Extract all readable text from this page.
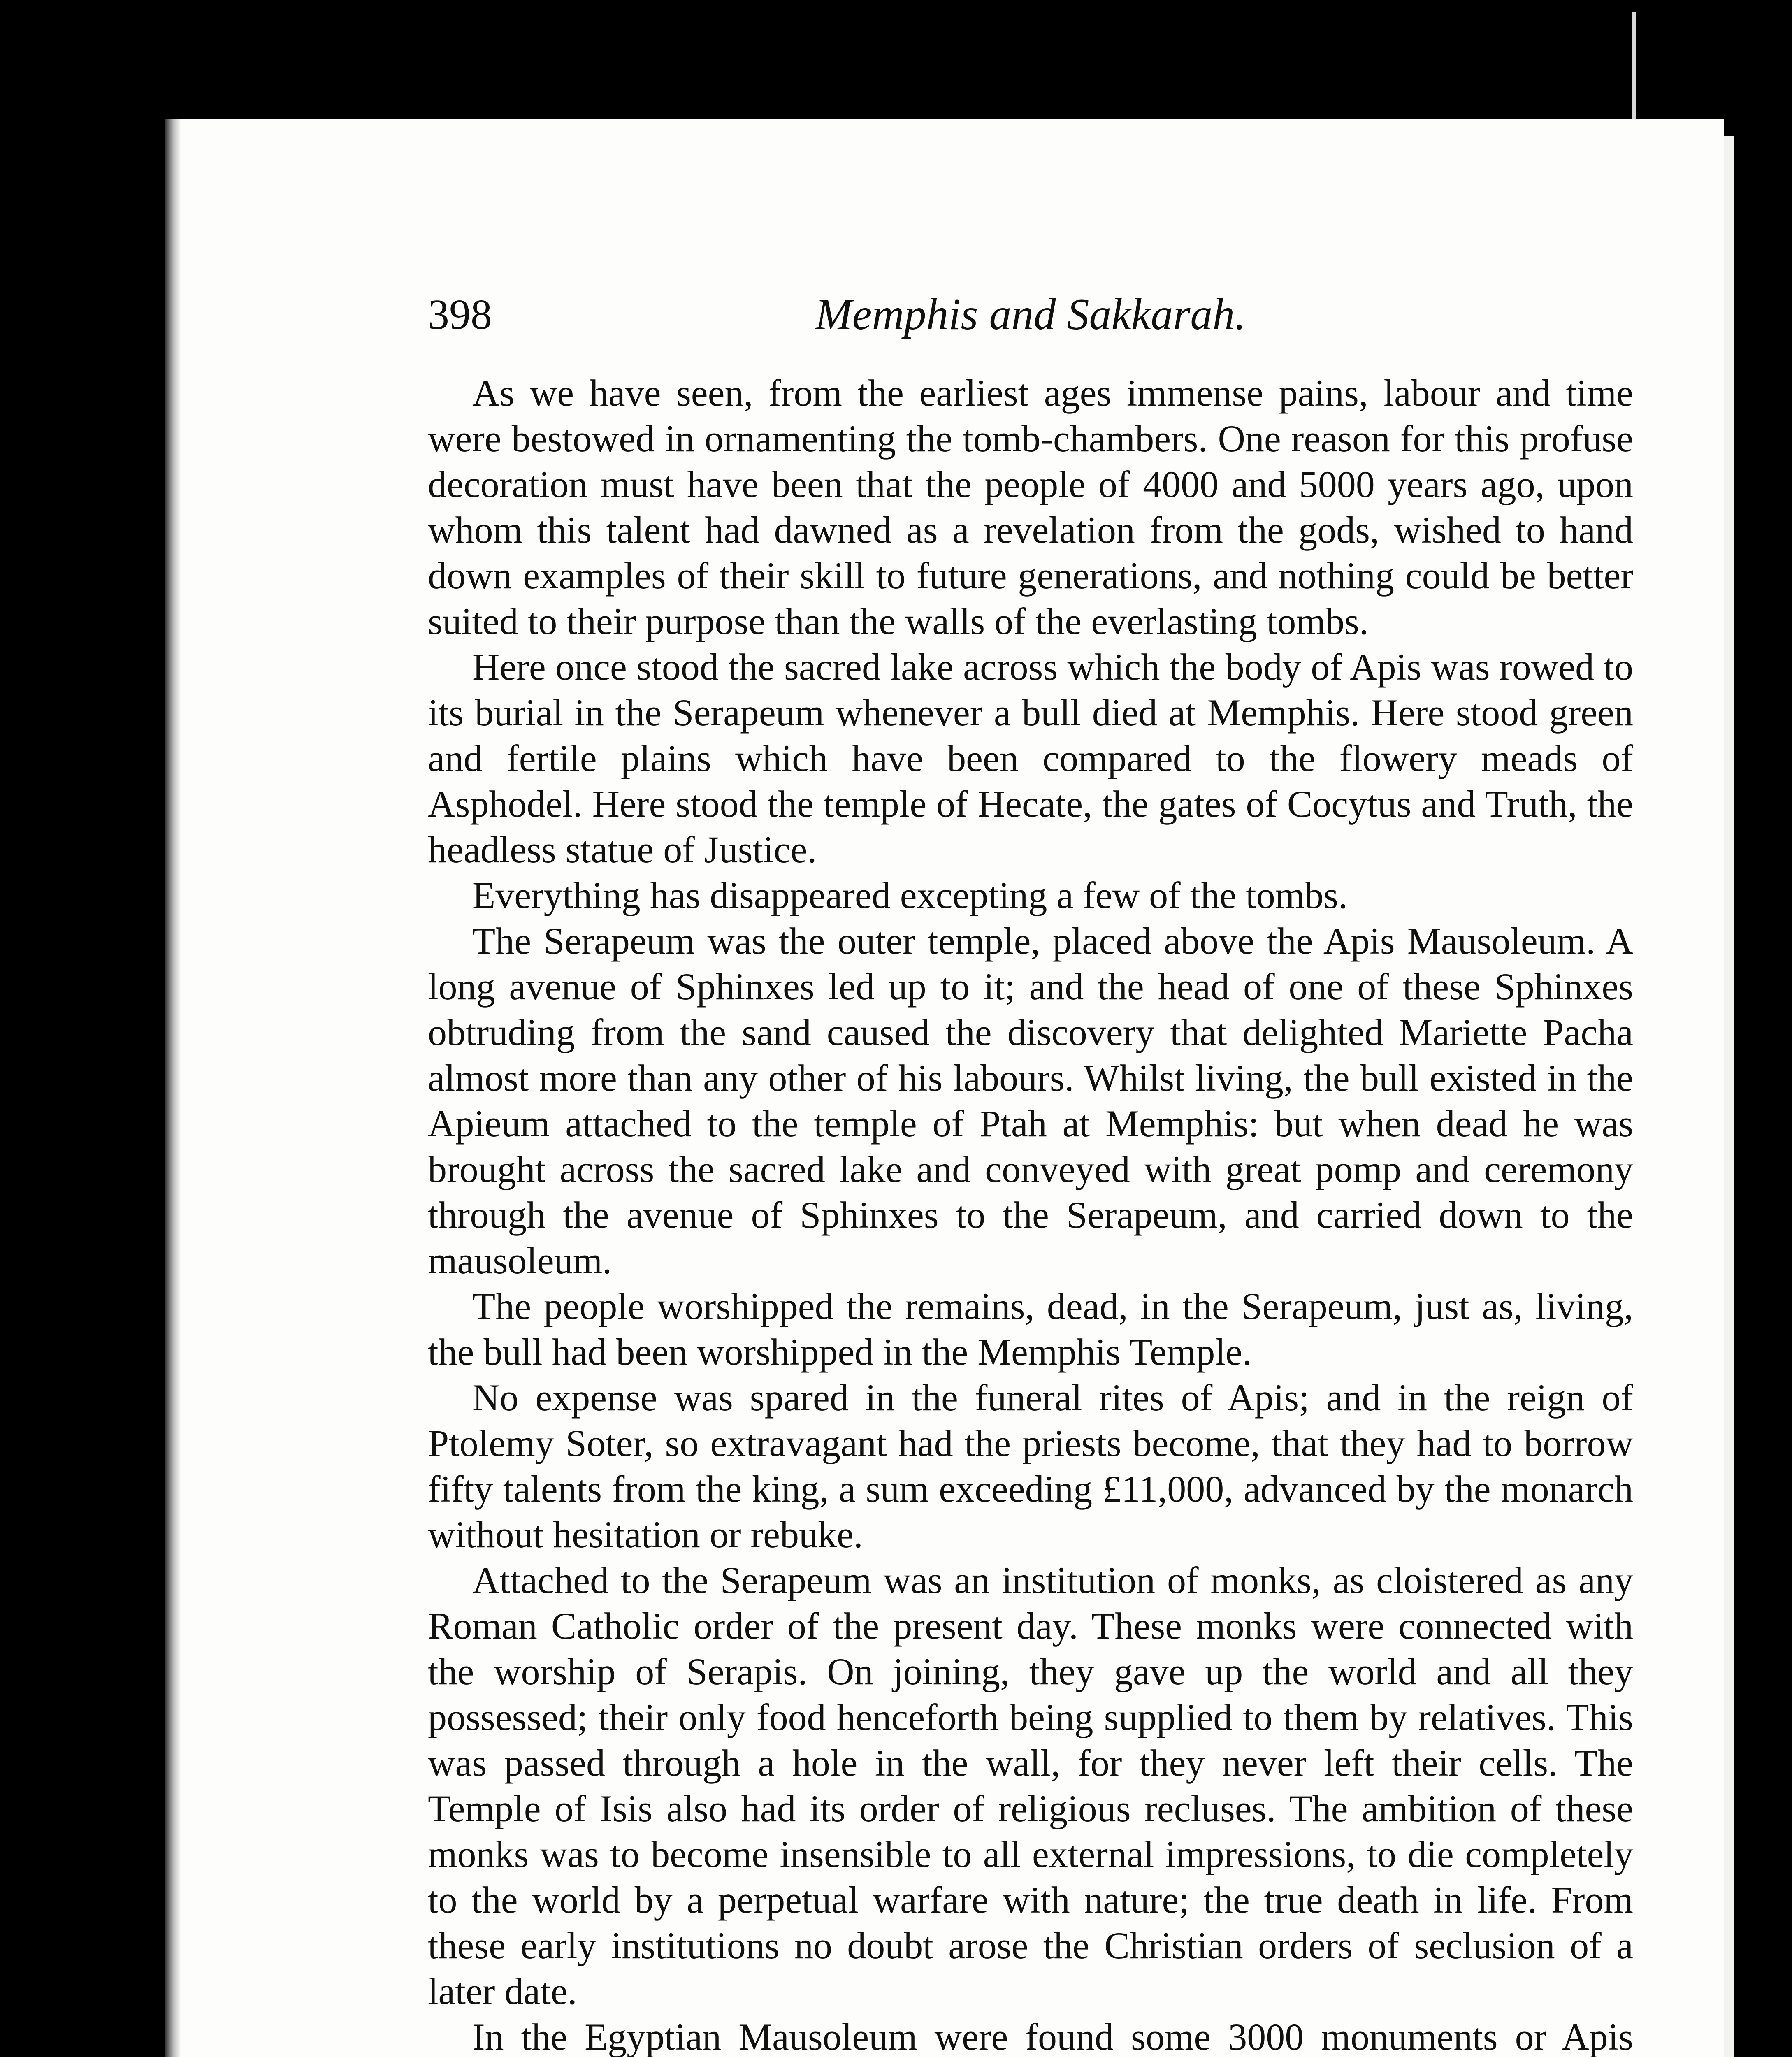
398	Memphis and Sakkarah.

As we have seen, from the earliest ages immense pains, labour and time were bestowed in ornamenting the tomb-chambers. One reason for this profuse decoration must have been that the people of 4000 and 5000 years ago, upon whom this talent had dawned as a revelation from the gods, wished to hand down examples of their skill to future generations, and nothing could be better suited to their purpose than the walls of the everlasting tombs.

Here once stood the sacred lake across which the body of Apis was rowed to its burial in the Serapeum whenever a bull died at Memphis. Here stood green and fertile plains which have been compared to the flowery meads of Asphodel. Here stood the temple of Hecate, the gates of Cocytus and Truth, the headless statue of Justice.

Everything has disappeared excepting a few of the tombs.

The Serapeum was the outer temple, placed above the Apis Mausoleum. A long avenue of Sphinxes led up to it; and the head of one of these Sphinxes obtruding from the sand caused the discovery that delighted Mariette Pacha almost more than any other of his labours. Whilst living, the bull existed in the Apieum attached to the temple of Ptah at Memphis: but when dead he was brought across the sacred lake and conveyed with great pomp and ceremony through the avenue of Sphinxes to the Serapeum, and carried down to the mausoleum.

The people worshipped the remains, dead, in the Serapeum, just as, living, the bull had been worshipped in the Memphis Temple.

No expense was spared in the funeral rites of Apis; and in the reign of Ptolemy Soter, so extravagant had the priests become, that they had to borrow fifty talents from the king, a sum exceeding £11,000, advanced by the monarch without hesitation or rebuke.

Attached to the Serapeum was an institution of monks, as cloistered as any Roman Catholic order of the present day. These monks were connected with the worship of Serapis. On joining, they gave up the world and all they possessed; their only food henceforth being supplied to them by relatives. This was passed through a hole in the wall, for they never left their cells. The Temple of Isis also had its order of religious recluses. The ambition of these monks was to become insensible to all external impressions, to die completely to the world by a perpetual warfare with nature; the true death in life. From these early institutions no doubt arose the Christian orders of seclusion of a later date.

In the Egyptian Mausoleum were found some 3000 monuments or Apis
